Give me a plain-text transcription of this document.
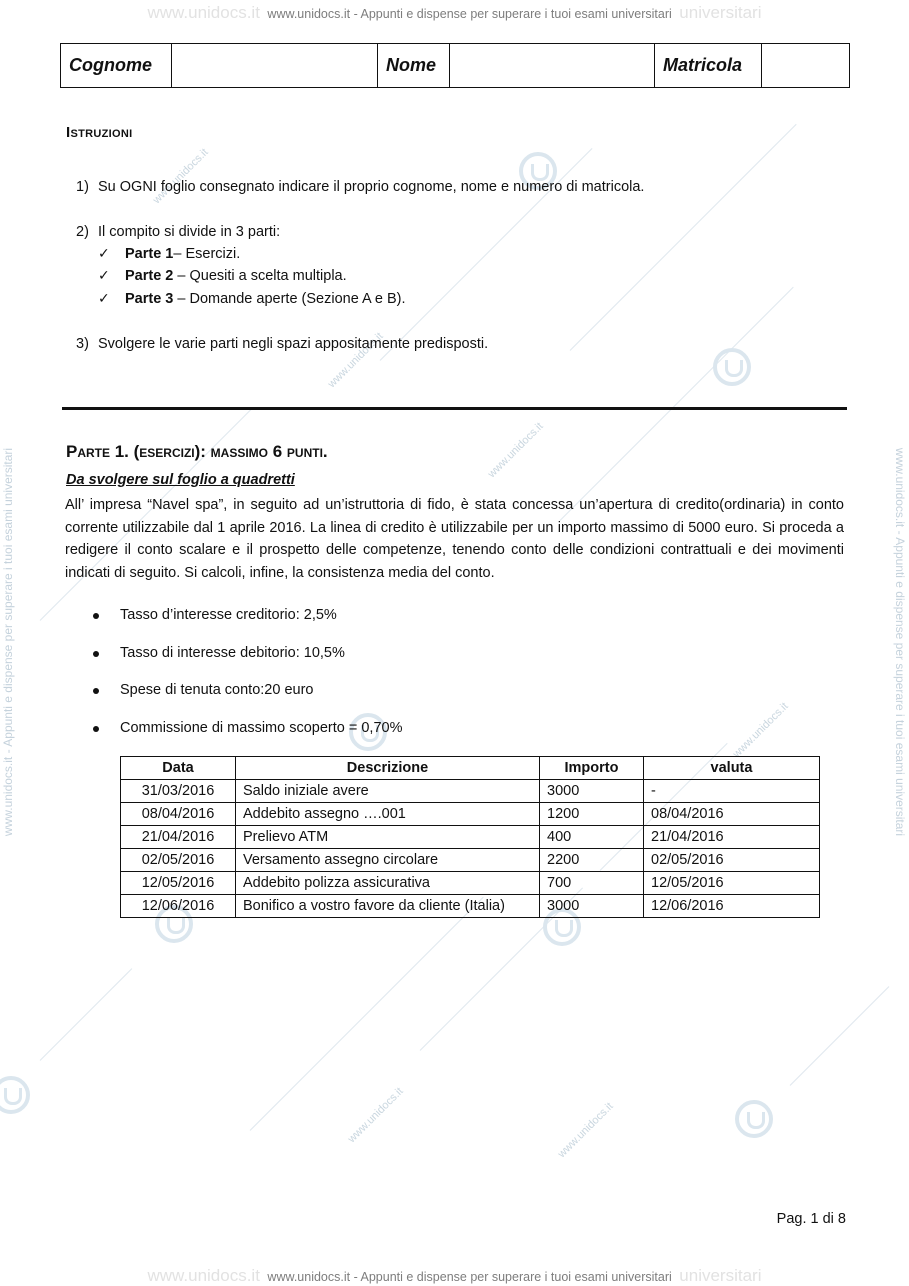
www.unidocs.it
www.unidocs.it
www.unidocs.it
www.unidocs.it
www.unidocs.it	www.unidocs.it
www.unidocs.it www.unidocs.it - Appunti e dispense per superare i tuoi esami universitari universitari
www.unidocs.it - Appunti e dispense per superare i tuoi esami universitari	www.unidocs.it - Appunti e dispense per superare i tuoi esami universitari
Cognome		Nome		Matricola	
Istruzioni
1) Su OGNI foglio consegnato indicare il proprio cognome, nome e numero di matricola.
2) Il compito si divide in 3 parti:
✓ Parte 1– Esercizi.
✓ Parte 2 – Quesiti a scelta multipla.
✓ Parte 3 – Domande aperte (Sezione A e B).
3) Svolgere le varie parti negli spazi appositamente predisposti.
Parte 1. (esercizi): massimo 6 punti.
Da svolgere sul foglio a quadretti
All’ impresa “Navel spa”, in seguito ad un’istruttoria di fido, è stata concessa un’apertura di credito(ordinaria) in conto corrente utilizzabile dal 1 aprile 2016. La linea di credito è utilizzabile per un importo massimo di 5000 euro. Si proceda a redigere il conto scalare e il prospetto delle competenze, tenendo conto delle condizioni contrattuali e dei movimenti indicati di seguito. Si calcoli, infine, la consistenza media del conto.
Tasso d’interesse creditorio: 2,5%
Tasso di interesse debitorio: 10,5%
Spese di tenuta conto:20 euro
Commissione di massimo scoperto = 0,70%
Data	Descrizione	Importo	valuta
31/03/2016	Saldo iniziale avere	3000	-
08/04/2016	Addebito assegno ….001	1200	08/04/2016
21/04/2016	Prelievo ATM	400	21/04/2016
02/05/2016	Versamento assegno circolare	2200	02/05/2016
12/05/2016	Addebito polizza assicurativa	700	12/05/2016
12/06/2016	Bonifico a vostro favore da cliente (Italia)	3000	12/06/2016
Pag. 1 di 8
www.unidocs.it www.unidocs.it - Appunti e dispense per superare i tuoi esami universitari universitari
